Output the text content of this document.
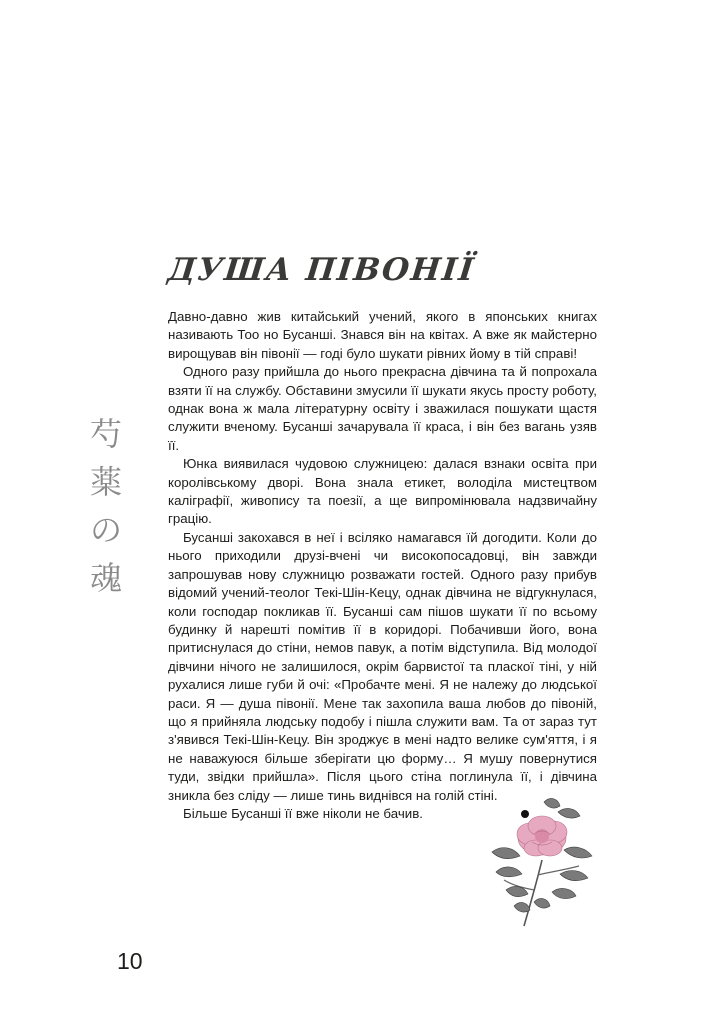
ДУША ПІВОНІЇ
芍
薬
の
魂

Давно-давно жив китайський учений, якого в японських книгах називають Тоо но Бусанші. Знався він на квітах. А вже як майстерно вирощував він півонії — годі було шукати рівних йому в тій справі!

Одного разу прийшла до нього прекрасна дівчина та й попрохала взяти її на службу. Обставини змусили її шукати якусь просту роботу, однак вона ж мала літературну освіту і зважилася пошукати щастя служити вченому. Бусанші зачарувала її краса, і він без вагань узяв її.

Юнка виявилася чудовою служницею: далася взнаки освіта при королівському дворі. Вона знала етикет, володіла мистецтвом каліграфії, живопису та поезії, а ще випромінювала надзвичайну грацію.

Бусанші закохався в неї і всіляко намагався їй догодити. Коли до нього приходили друзі-вчені чи високопосадовці, він завжди запрошував нову служницю розважати гостей. Одного разу прибув відомий учений-теолог Текі-Шін-Кецу, однак дівчина не відгукнулася, коли господар покликав її. Бусанші сам пішов шукати її по всьому будинку й нарешті помітив її в коридорі. Побачивши його, вона притиснулася до стіни, немов павук, а потім відступила. Від молодої дівчини нічого не залишилося, окрім барвистої та пласкої тіні, у ній рухалися лише губи й очі: «Пробачте мені. Я не належу до людської раси. Я — душа півонії. Мене так захопила ваша любов до півоній, що я прийняла людську подобу і пішла служити вам. Та от зараз тут з'явився Текі-Шін-Кецу. Він зроджує в мені надто велике сум'яття, і я не наважуюся більше зберігати цю форму… Я мушу повернутися туди, звідки прийшла». Після цього стіна поглинула її, і дівчина зникла без сліду — лише тинь виднівся на голій стіні.

Більше Бусанші її вже ніколи не бачив.

10
